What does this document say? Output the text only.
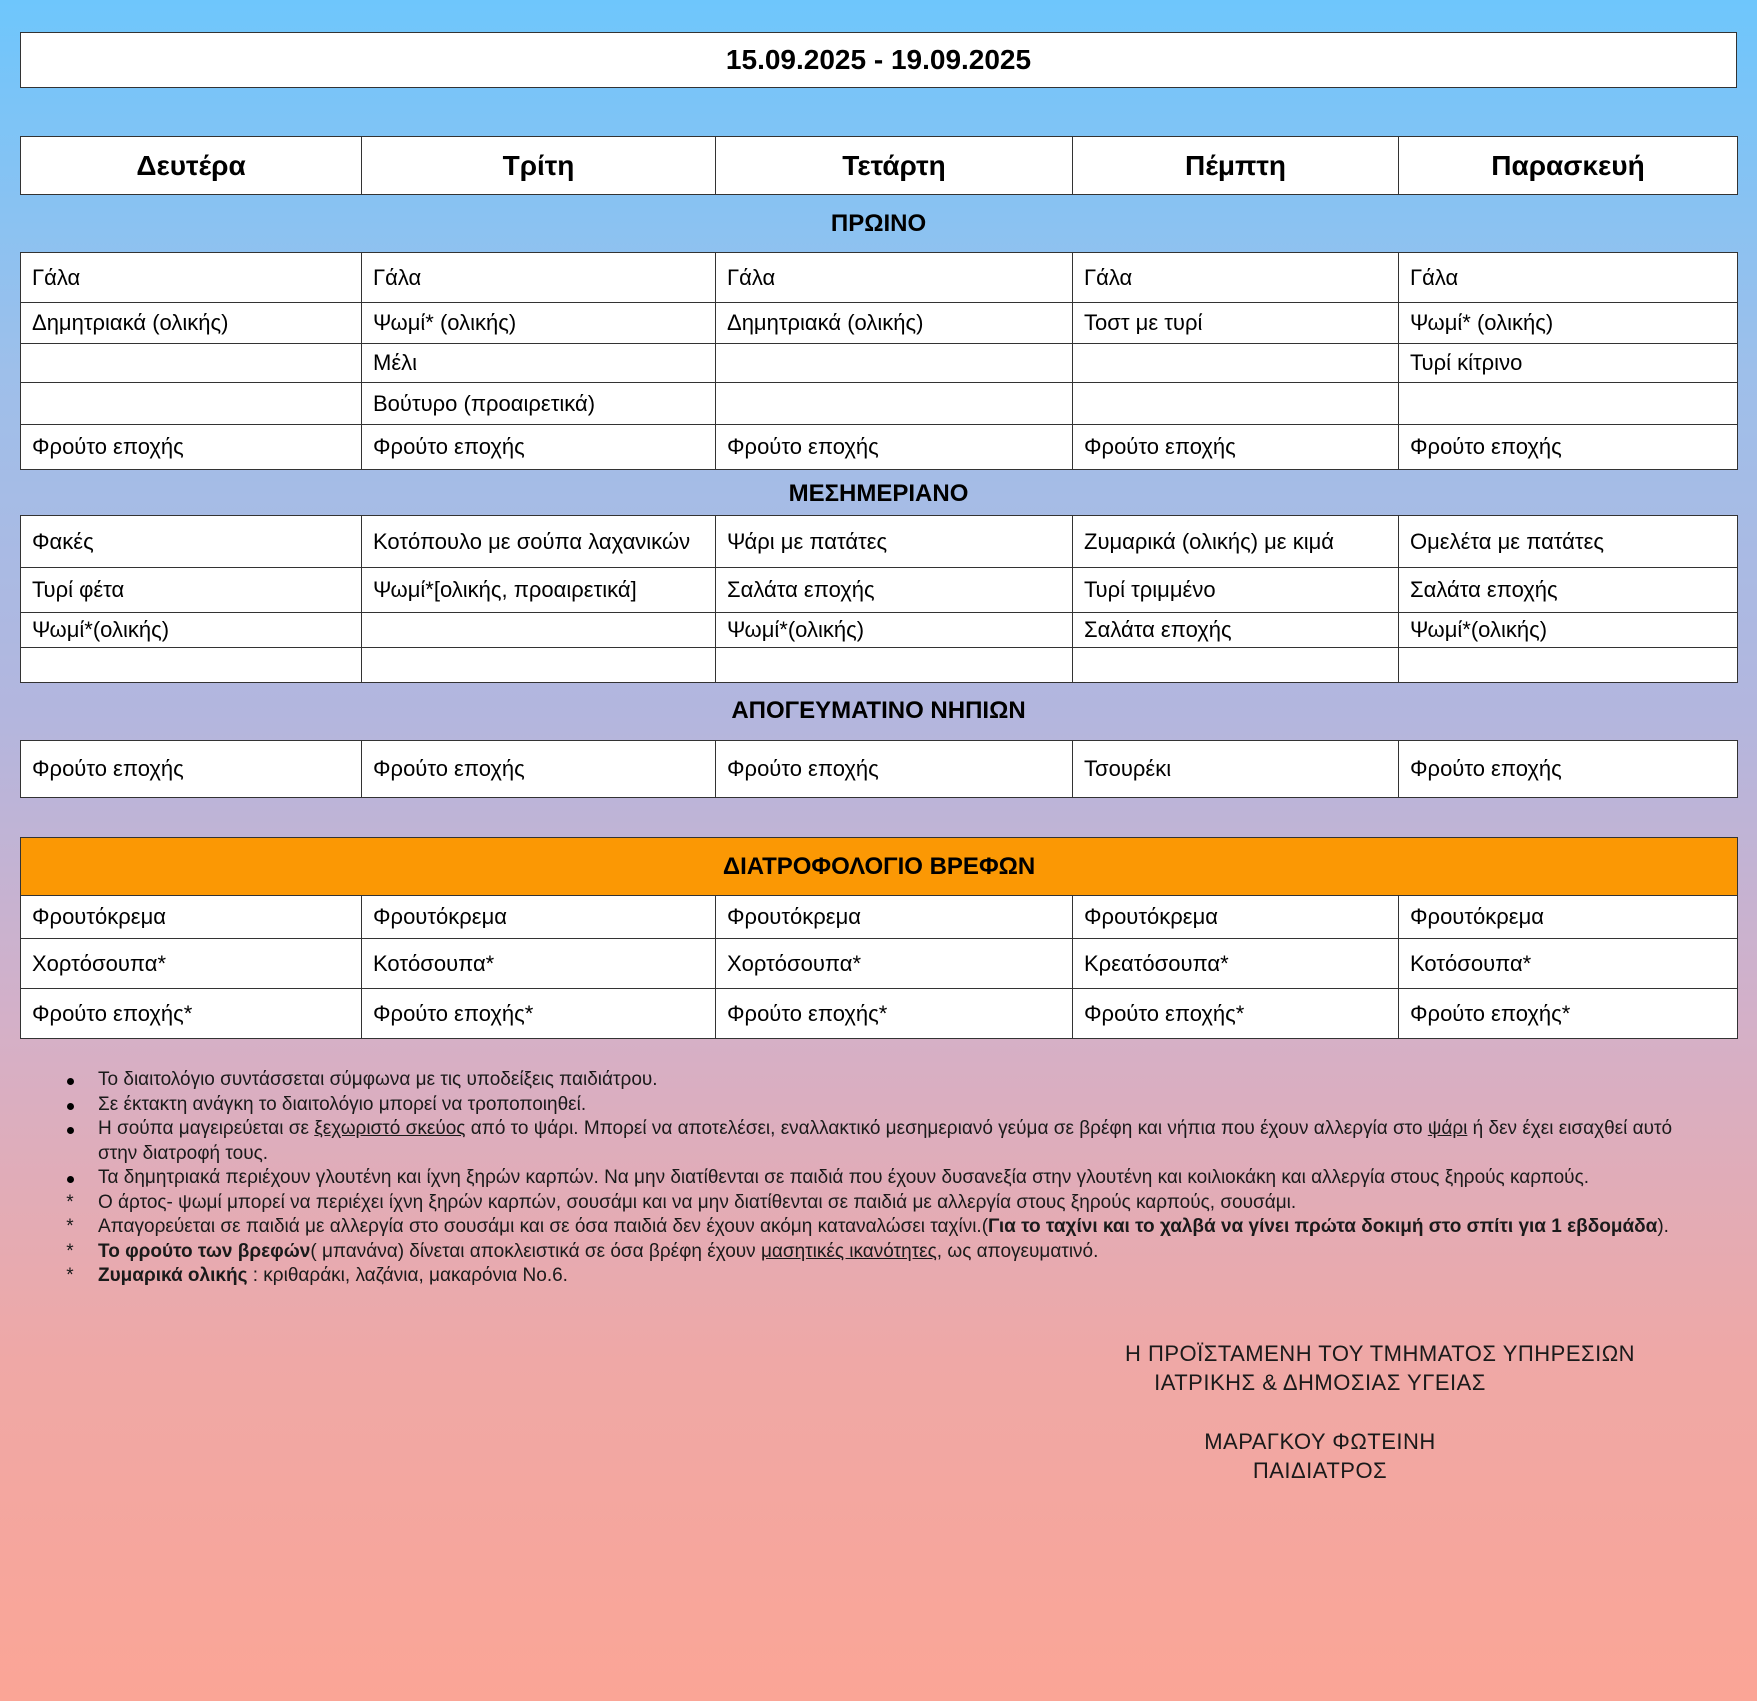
15.09.2025 - 19.09.2025
Δευτέρα	Τρίτη	Τετάρτη	Πέμπτη	Παρασκευή
ΠΡΩΙΝΟ
Γάλα	Γάλα	Γάλα	Γάλα	Γάλα
Δημητριακά (ολικής)	Ψωμί* (ολικής)	Δημητριακά (ολικής)	Τοστ με τυρί	Ψωμί* (ολικής)
	Μέλι			Τυρί κίτρινο
	Βούτυρο (προαιρετικά)			
Φρούτο εποχής	Φρούτο εποχής	Φρούτο εποχής	Φρούτο εποχής	Φρούτο εποχής
ΜΕΣΗΜΕΡΙΑΝΟ
Φακές	Κοτόπουλο με σούπα λαχανικών	Ψάρι με πατάτες	Ζυμαρικά (ολικής) με κιμά	Ομελέτα με πατάτες
Τυρί φέτα	Ψωμί*[ολικής, προαιρετικά]	Σαλάτα εποχής	Τυρί τριμμένο	Σαλάτα εποχής
Ψωμί*(ολικής)		Ψωμί*(ολικής)	Σαλάτα εποχής	Ψωμί*(ολικής)

ΑΠΟΓΕΥΜΑΤΙΝΟ ΝΗΠΙΩΝ
Φρούτο εποχής	Φρούτο εποχής	Φρούτο εποχής	Τσουρέκι	Φρούτο εποχής
ΔΙΑΤΡΟΦΟΛΟΓΙΟ ΒΡΕΦΩΝ				
Φρουτόκρεμα	Φρουτόκρεμα	Φρουτόκρεμα	Φρουτόκρεμα	Φρουτόκρεμα
Χορτόσουπα*	Κοτόσουπα*	Χορτόσουπα*	Κρεατόσουπα*	Κοτόσουπα*
Φρούτο εποχής*	Φρούτο εποχής*	Φρούτο εποχής*	Φρούτο εποχής*	Φρούτο εποχής*
Το διαιτολόγιο συντάσσεται σύμφωνα με τις υποδείξεις παιδιάτρου.
Σε έκτακτη ανάγκη το διαιτολόγιο μπορεί να τροποποιηθεί.
Η σούπα μαγειρεύεται σε ξεχωριστό σκεύος από το ψάρι. Μπορεί να αποτελέσει, εναλλακτικό μεσημεριανό γεύμα σε βρέφη και νήπια που έχουν αλλεργία στο ψάρι ή δεν έχει εισαχθεί αυτό στην διατροφή τους.
Τα δημητριακά περιέχουν γλουτένη και ίχνη ξηρών καρπών. Να μην διατίθενται σε παιδιά που έχουν δυσανεξία στην γλουτένη και κοιλιοκάκη και αλλεργία στους ξηρούς καρπούς.
*	Ο άρτος- ψωμί μπορεί να περιέχει ίχνη ξηρών καρπών, σουσάμι και να μην διατίθενται σε παιδιά με αλλεργία στους ξηρούς καρπούς, σουσάμι.
*	Απαγορεύεται σε παιδιά με αλλεργία στο σουσάμι και σε όσα παιδιά δεν έχουν ακόμη καταναλώσει ταχίνι.(Για το ταχίνι και το χαλβά να γίνει πρώτα δοκιμή στο σπίτι για 1 εβδομάδα).
*	Το φρούτο των βρεφών( μπανάνα) δίνεται αποκλειστικά σε όσα βρέφη έχουν μασητικές ικανότητες, ως απογευματινό.
*	Ζυμαρικά ολικής : κριθαράκι, λαζάνια, μακαρόνια Νο.6.
Η ΠΡΟΪΣΤΑΜΕΝΗ ΤΟΥ ΤΜΗΜΑΤΟΣ ΥΠΗΡΕΣΙΩΝ
ΙΑΤΡΙΚΗΣ & ΔΗΜΟΣΙΑΣ ΥΓΕΙΑΣ
ΜΑΡΑΓΚΟΥ ΦΩΤΕΙΝΗ
ΠΑΙΔΙΑΤΡΟΣ
